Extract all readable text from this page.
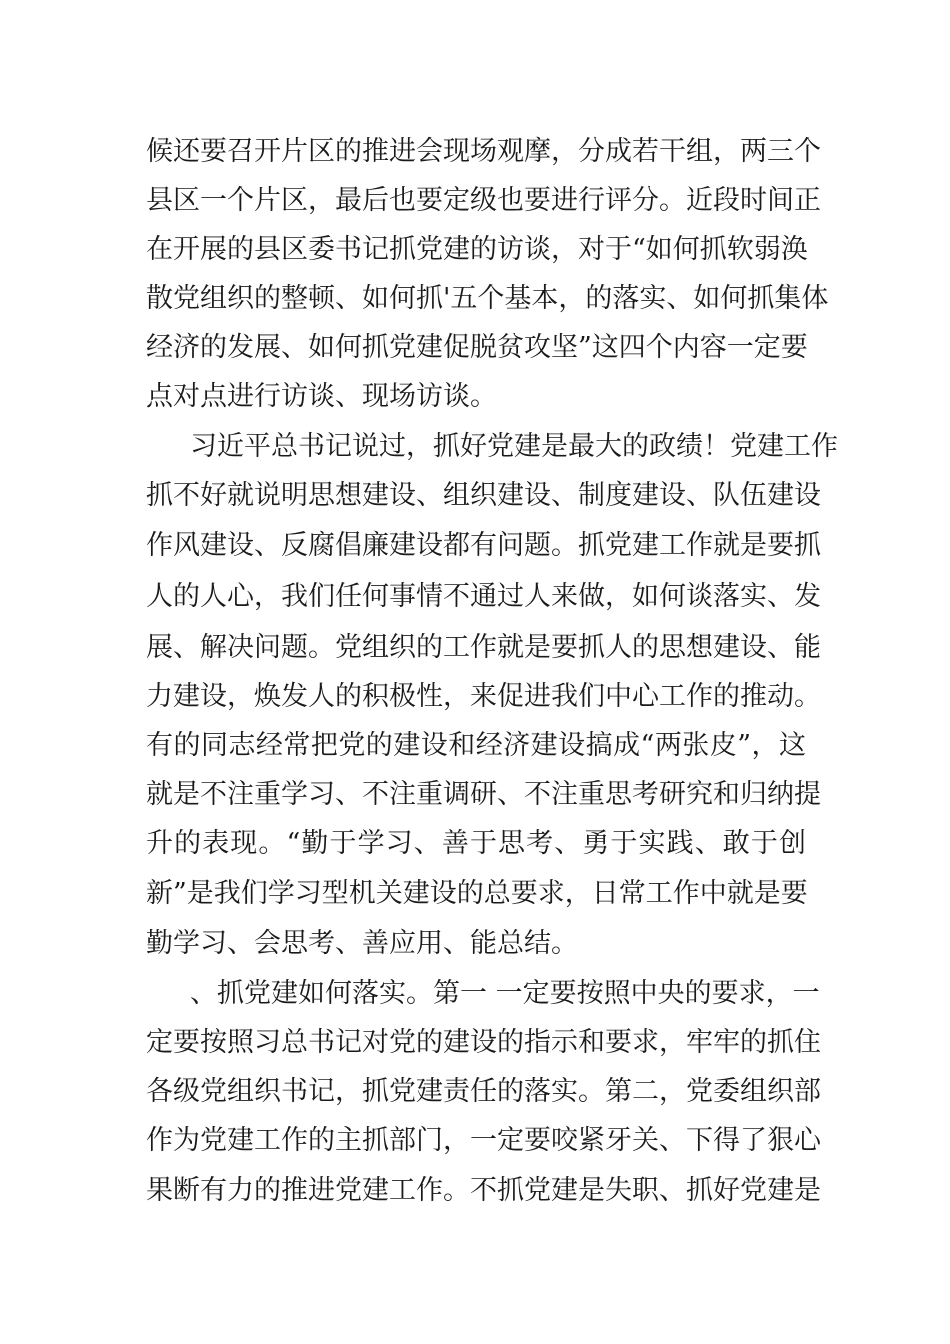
候还要召开片区的推进会现场观摩，分成若干组，两三个
县区一个片区，最后也要定级也要进行评分。近段时间正
在开展的县区委书记抓党建的访谈，对于“如何抓软弱涣
散党组织的整顿、如何抓'五个基本，的落实、如何抓集体
经济的发展、如何抓党建促脱贫攻坚”这四个内容一定要
点对点进行访谈、现场访谈。
习近平总书记说过，抓好党建是最大的政绩！党建工作
抓不好就说明思想建设、组织建设、制度建设、队伍建设
作风建设、反腐倡廉建设都有问题。抓党建工作就是要抓
人的人心，我们任何事情不通过人来做，如何谈落实、发
展、解决问题。党组织的工作就是要抓人的思想建设、能
力建设，焕发人的积极性，来促进我们中心工作的推动。
有的同志经常把党的建设和经济建设搞成“两张皮”，这
就是不注重学习、不注重调研、不注重思考研究和归纳提
升的表现。“勤于学习、善于思考、勇于实践、敢于创
新”是我们学习型机关建设的总要求，日常工作中就是要
勤学习、会思考、善应用、能总结。
、抓党建如何落实。第一 一定要按照中央的要求，一
定要按照习总书记对党的建设的指示和要求，牢牢的抓住
各级党组织书记，抓党建责任的落实。第二，党委组织部
作为党建工作的主抓部门，一定要咬紧牙关、下得了狠心
果断有力的推进党建工作。不抓党建是失职、抓好党建是
